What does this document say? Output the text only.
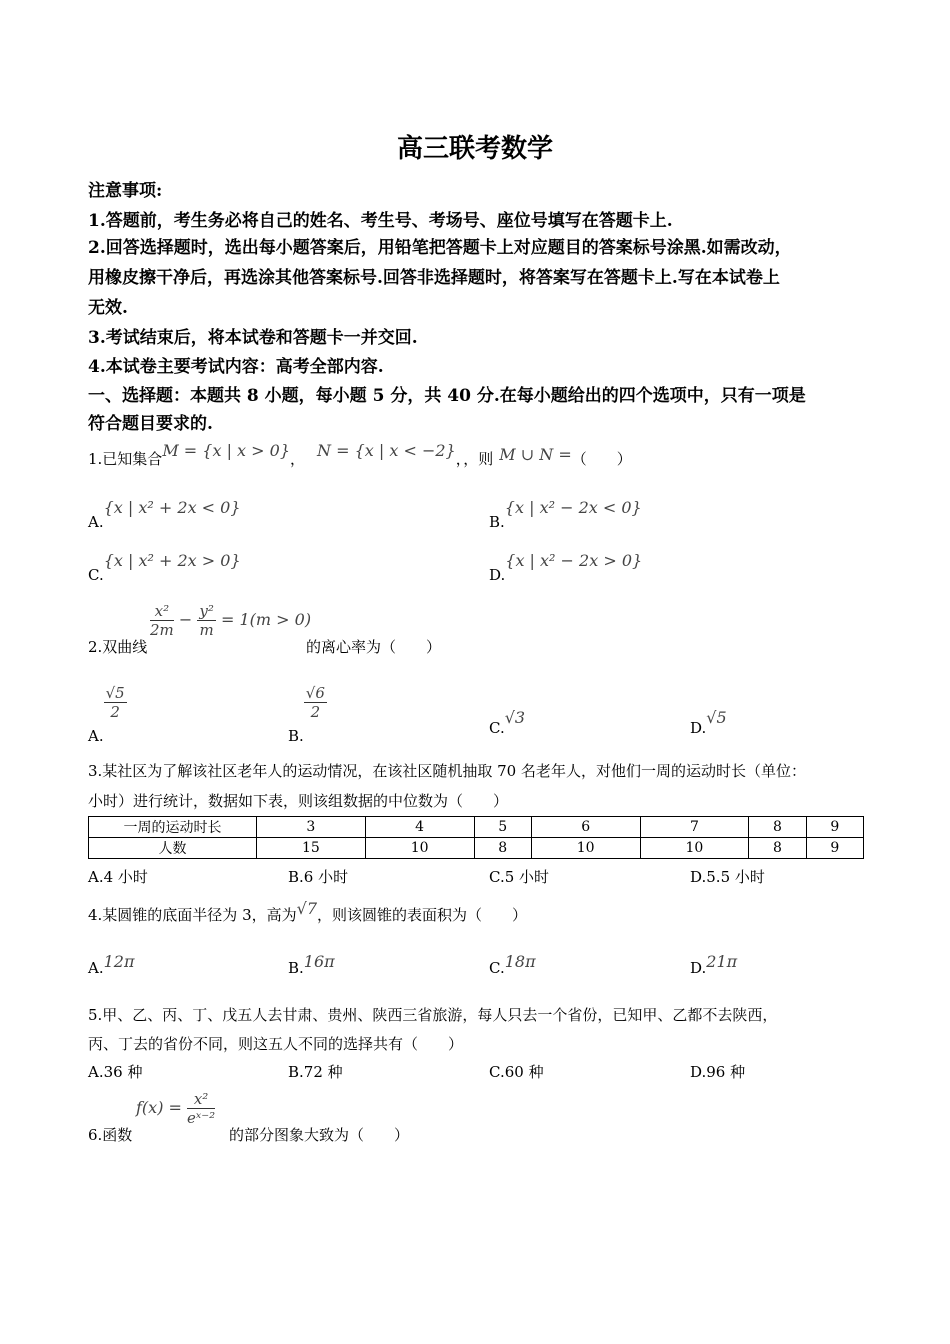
高三联考数学
注意事项:
1.答题前，考生务必将自己的姓名、考生号、考场号、座位号填写在答题卡上.
2.回答选择题时，选出每小题答案后，用铅笔把答题卡上对应题目的答案标号涂黑.如需改动，
用橡皮擦干净后，再选涂其他答案标号.回答非选择题时，将答案写在答题卡上.写在本试卷上
无效.
3.考试结束后，将本试卷和答题卡一并交回.
4.本试卷主要考试内容：高考全部内容.
一、选择题：本题共 8 小题，每小题 5 分，共 40 分.在每小题给出的四个选项中，只有一项是
符合题目要求的.
1.已知集合M = {x | x > 0}， N = {x | x < −2}，，则 M ∪ N =（　　）
A.{x | x² + 2x < 0}
B.{x | x² − 2x < 0}
C.{x | x² + 2x > 0}
D.{x | x² − 2x > 0}
2.双曲线
$\frac{\text{x²}}{2m} - \frac{\text{y²}}{m} = 1(m > 0)$
的离心率为（　　）
A.
$\frac{√5}{2}$
B.
$\frac{√6}{2}$
C.√3
D.√5
3.某社区为了解该社区老年人的运动情况，在该社区随机抽取 70 名老年人，对他们一周的运动时长（单位：
小时）进行统计，数据如下表，则该组数据的中位数为（　　）
一周的运动时长	3	4	5	6	7	8	9
人数	15	10	8	10	10	8	9
A.4 小时	B.6 小时	C.5 小时	D.5.5 小时
4.某圆锥的底面半径为 3，高为√7，则该圆锥的表面积为（　　）
A.12π	B.16π	C.18π	D.21π
5.甲、乙、丙、丁、戊五人去甘肃、贵州、陕西三省旅游，每人只去一个省份，已知甲、乙都不去陕西，
丙、丁去的省份不同，则这五人不同的选择共有（　　）
A.36 种	B.72 种	C.60 种	D.96 种
6.函数
$f(x) = \frac{\text{x²}}{\text{eˣ⁻²}}$
的部分图象大致为（　　）
